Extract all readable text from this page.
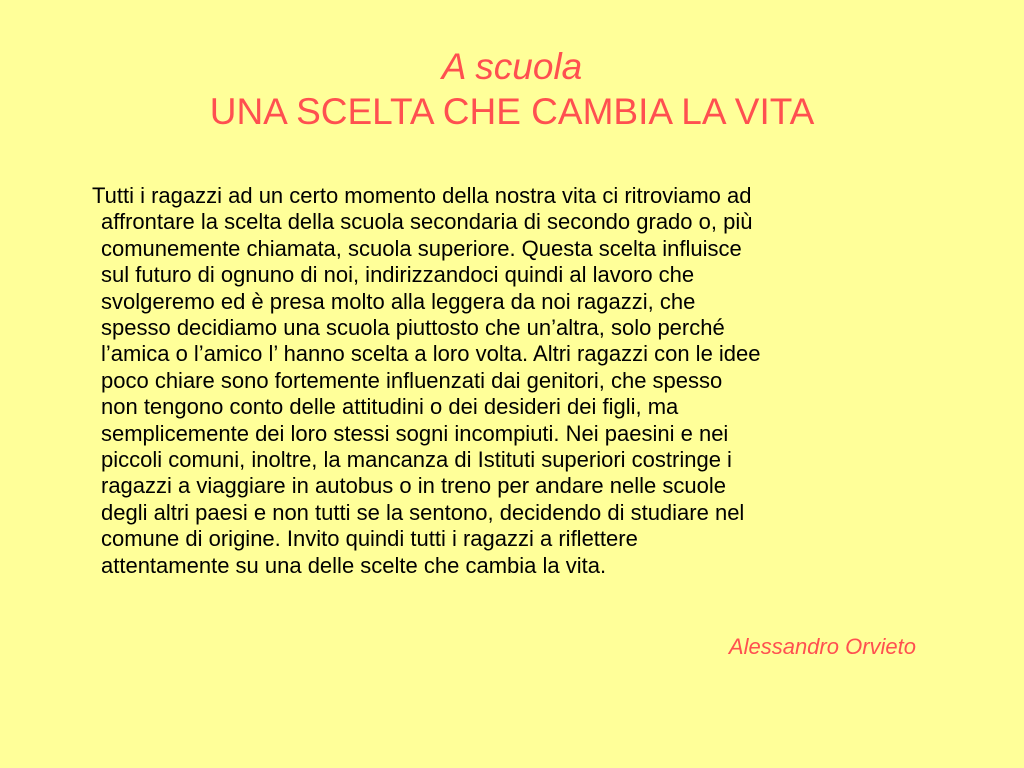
A scuola
UNA SCELTA CHE CAMBIA LA VITA
Tutti i ragazzi ad un certo momento della nostra vita ci ritroviamo ad
affrontare la scelta della scuola secondaria di secondo grado o, più
comunemente chiamata, scuola superiore. Questa scelta influisce
sul futuro di ognuno di noi, indirizzandoci quindi al lavoro che
svolgeremo ed è presa molto alla leggera da noi ragazzi, che
spesso decidiamo una scuola piuttosto che un’altra, solo perché
l’amica o l’amico l’ hanno scelta a loro volta. Altri ragazzi con le idee
poco chiare sono fortemente influenzati dai genitori, che spesso
non tengono conto delle attitudini o dei desideri dei figli, ma
semplicemente dei loro stessi sogni incompiuti. Nei paesini e nei
piccoli comuni, inoltre, la mancanza di Istituti superiori costringe i
ragazzi a viaggiare in autobus o in treno per andare nelle scuole
degli altri paesi e non tutti se la sentono, decidendo di studiare nel
comune di origine. Invito quindi tutti i ragazzi a riflettere
attentamente su una delle scelte che cambia la vita.
Alessandro Orvieto
